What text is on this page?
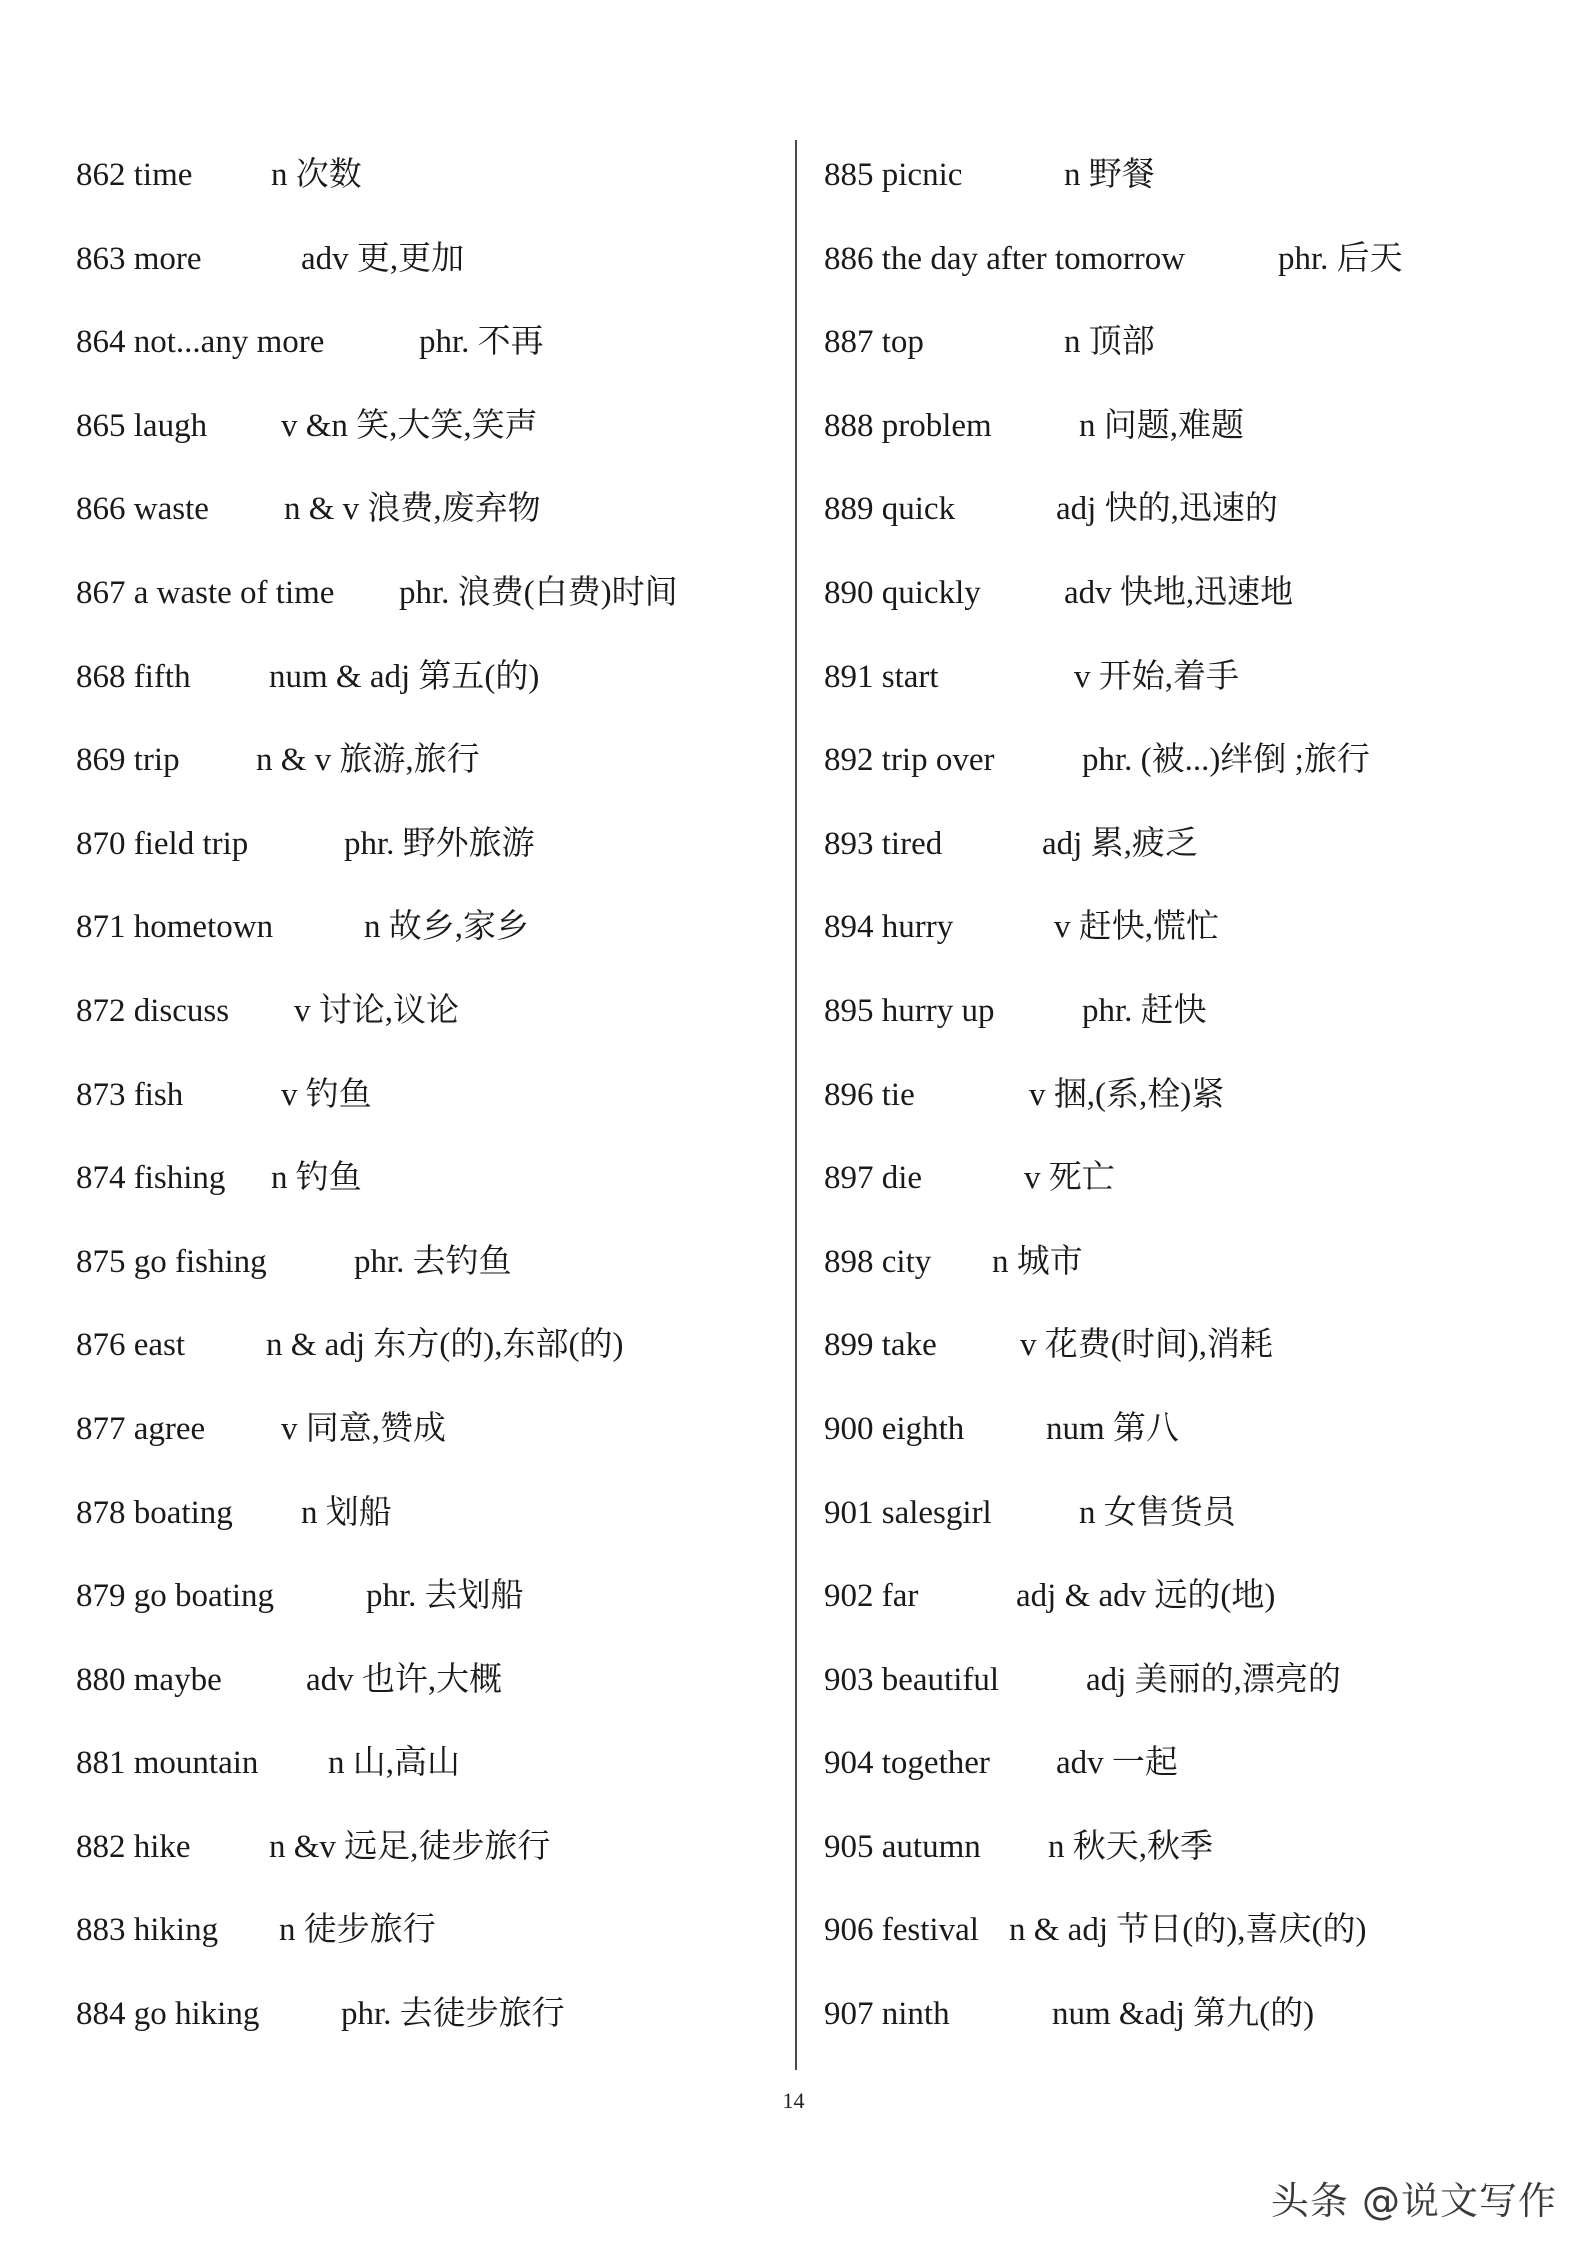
862 time n 次数
863 more	adv 更,更加
864 not...any more	phr. 不再
865 laugh v &n 笑,大笑,笑声
866 waste n & v 浪费,废弃物
867 a waste of time phr. 浪费(白费)时间
868 fifth num & adj 第五(的)
869 trip n & v 旅游,旅行
870 field trip	phr. 野外旅游
871 hometown	n 故乡,家乡
872 discuss v 讨论,议论
873 fish	v 钓鱼
874 fishing n 钓鱼
875 go fishing	phr. 去钓鱼
876 east n & adj 东方(的),东部(的)
877 agree v 同意,赞成
878 boating n 划船
879 go boating	phr. 去划船
880 maybe	adv 也许,大概
881 mountain n 山,高山
882 hike n &v 远足,徒步旅行
883 hiking n 徒步旅行
884 go hiking phr. 去徒步旅行
885 picnic	n 野餐
886 the day after tomorrow	phr. 后天
887 top	n 顶部
888 problem	n 问题,难题
889 quick	adj 快的,迅速的
890 quickly	adv 快地,迅速地
891 start	v 开始,着手
892 trip over	phr. (被...)绊倒 ;旅行
893 tired	adj 累,疲乏
894 hurry	v 赶快,慌忙
895 hurry up	phr. 赶快
896 tie	v 捆,(系,栓)紧
897 die	v 死亡
898 city n 城市
899 take	v 花费(时间),消耗
900 eighth num 第八
901 salesgirl	n 女售货员
902 far	adj & adv 远的(地)
903 beautiful	adj 美丽的,漂亮的
904 together adv 一起
905 autumn n 秋天,秋季
906 festival n & adj 节日(的),喜庆(的)
907 ninth	num &adj 第九(的)
14
头条 @说文写作
